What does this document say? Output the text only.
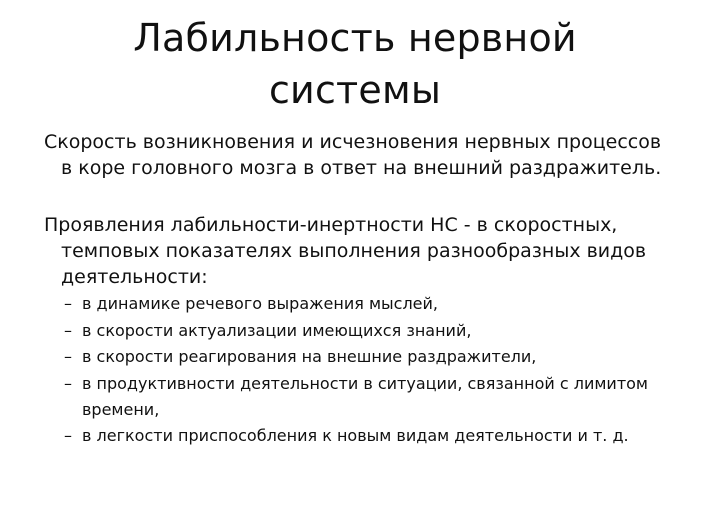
Лабильность нервной
системы

Скорость возникновения и исчезновения нервных процессов в коре головного мозга в ответ на внешний раздражитель.

Проявления лабильности-инертности НС - в скоростных, темповых показателях выполнения разнообразных видов деятельности:

– в динамике речевого выражения мыслей,
– в скорости актуализации имеющихся знаний,
– в скорости реагирования на внешние раздражители,
– в продуктивности деятельности в ситуации, связанной с лимитом времени,
– в легкости приспособления к новым видам деятельности и т. д.
